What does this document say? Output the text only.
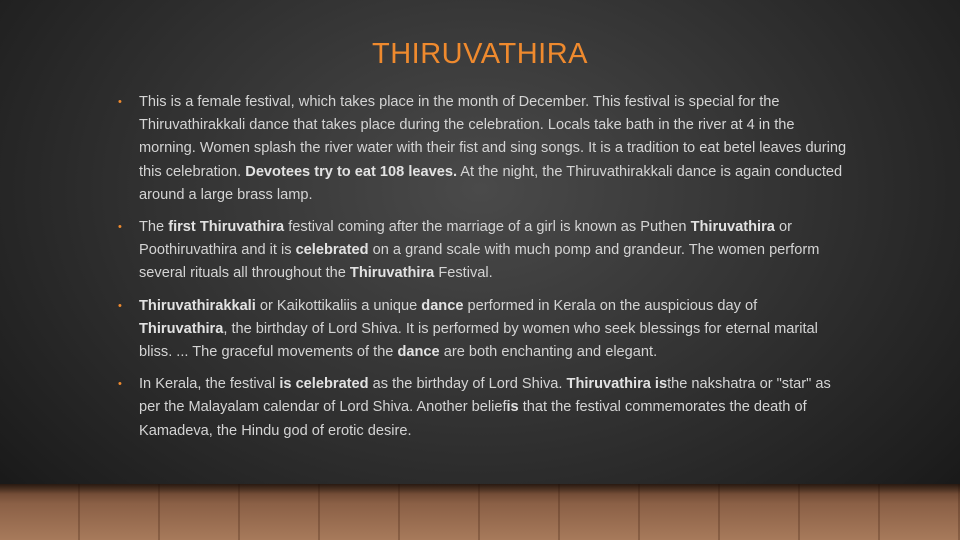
THIRUVATHIRA
• This is a female festival, which takes place in the month of December. This festival is special for the Thiruvathirakkali dance that takes place during the celebration. Locals take bath in the river at 4 in the morning. Women splash the river water with their fist and sing songs. It is a tradition to eat betel leaves during this celebration. Devotees try to eat 108 leaves. At the night, the Thiruvathirakkali dance is again conducted around a large brass lamp.
• The first Thiruvathira festival coming after the marriage of a girl is known as Puthen Thiruvathira or Poothiruvathira and it is celebrated on a grand scale with much pomp and grandeur. The women perform several rituals all throughout the Thiruvathira Festival.
• Thiruvathirakkali or Kaikottikaliis a unique dance performed in Kerala on the auspicious day of Thiruvathira, the birthday of Lord Shiva. It is performed by women who seek blessings for eternal marital bliss. ... The graceful movements of the dance are both enchanting and elegant.
• In Kerala, the festival is celebrated as the birthday of Lord Shiva. Thiruvathira isthe nakshatra or "star" as per the Malayalam calendar of Lord Shiva. Another beliefis that the festival commemorates the death of Kamadeva, the Hindu god of erotic desire.
